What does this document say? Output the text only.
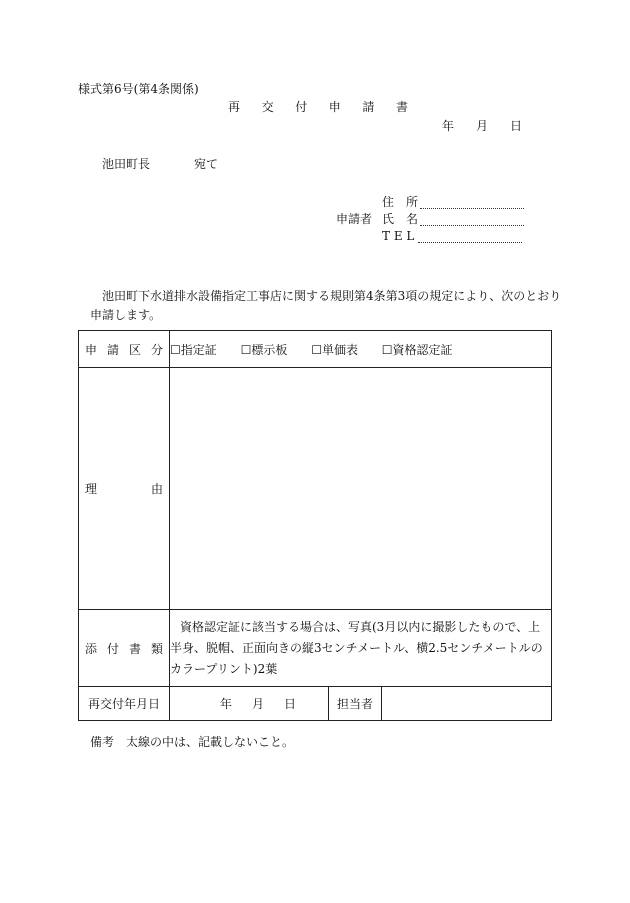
様式第6号(第4条関係)
再 交 付 申 請 書
年 月 日
池田町長	宛て
住　所
申請者 氏　名
T E L
池田町下水道排水設備指定工事店に関する規則第4条第3項の規定により、次のとおり
申請します。
申 請 区 分	☐指定証 ☐標示板 ☐単価表 ☐資格認定証		

理 由			

添 付 書 類	資格認定証に該当する場合は、写真(3月以内に撮影したもので、上半身、脱帽、正面向きの縦3センチメートル、横2.5センチメートルのカラープリント)2葉		
再交付年月日	年 月 日	担当者	
備考　太線の中は、記載しないこと。
